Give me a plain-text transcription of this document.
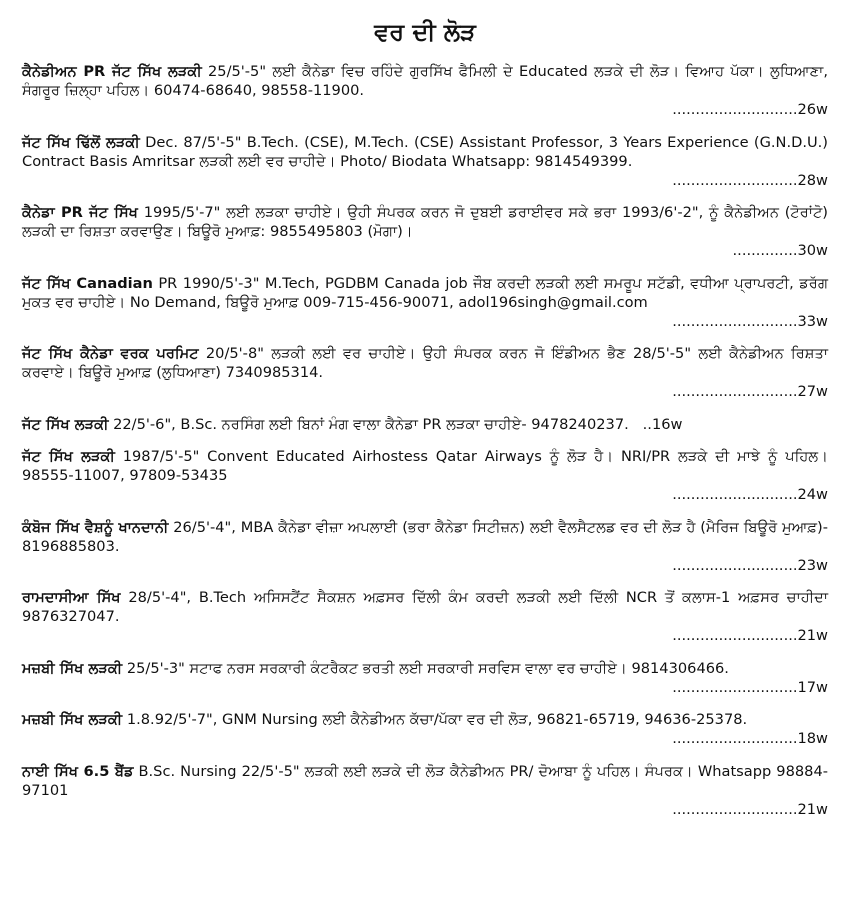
ਵਰ ਦੀ ਲੋੜ
ਕੈਨੇਡੀਅਨ PR ਜੱਟ ਸਿੱਖ ਲੜਕੀ 25/5'-5" ਲਈ ਕੈਨੇਡਾ ਵਿਚ ਰਹਿੰਦੇ ਗੁਰਸਿੱਖ ਫੈਮਿਲੀ ਦੇ Educated ਲੜਕੇ ਦੀ ਲੋੜ। ਵਿਆਹ ਪੱਕਾ। ਲੁਧਿਆਣਾ, ਸੰਗਰੂਰ ਜ਼ਿਲ੍ਹਾ ਪਹਿਲ। 60474-68640, 98558-11900.
...........................26w
ਜੱਟ ਸਿੱਖ ਢਿੱਲੋਂ ਲੜਕੀ Dec. 87/5'-5" B.Tech. (CSE), M.Tech. (CSE) Assistant Professor, 3 Years Experience (G.N.D.U.) Contract Basis Amritsar ਲੜਕੀ ਲਈ ਵਰ ਚਾਹੀਦੇ। Photo/ Biodata Whatsapp: 9814549399.
...........................28w
ਕੈਨੇਡਾ PR ਜੱਟ ਸਿੱਖ 1995/5'-7" ਲਈ ਲੜਕਾ ਚਾਹੀਏ। ਉਹੀ ਸੰਪਰਕ ਕਰਨ ਜੋ ਦੁਬਈ ਡਰਾਈਵਰ ਸਕੇ ਭਰਾ 1993/6'-2", ਨੂੰ ਕੈਨੇਡੀਅਨ (ਟੋਰਾਂਟੋ) ਲੜਕੀ ਦਾ ਰਿਸ਼ਤਾ ਕਰਵਾਉਣ। ਬਿਊਰੋ ਮੁਆਫ਼: 9855495803 (ਮੋਗਾ)।
..............30w
ਜੱਟ ਸਿੱਖ Canadian PR 1990/5'-3" M.Tech, PGDBM Canada job ਜੌਬ ਕਰਦੀ ਲੜਕੀ ਲਈ ਸਮਰੂਪ ਸਟੱਡੀ, ਵਧੀਆ ਪ੍ਰਾਪਰਟੀ, ਡਰੱਗ ਮੁਕਤ ਵਰ ਚਾਹੀਏ। No Demand, ਬਿਊਰੋ ਮੁਆਫ਼ 009-715-456-90071, adol196singh@gmail.com
...........................33w
ਜੱਟ ਸਿੱਖ ਕੈਨੇਡਾ ਵਰਕ ਪਰਮਿਟ 20/5'-8" ਲੜਕੀ ਲਈ ਵਰ ਚਾਹੀਏ। ਉਹੀ ਸੰਪਰਕ ਕਰਨ ਜੋ ਇੰਡੀਅਨ ਭੈਣ 28/5'-5" ਲਈ ਕੈਨੇਡੀਅਨ ਰਿਸ਼ਤਾ ਕਰਵਾਏ। ਬਿਊਰੋ ਮੁਆਫ਼ (ਲੁਧਿਆਣਾ) 7340985314.
...........................27w
ਜੱਟ ਸਿੱਖ ਲੜਕੀ 22/5'-6", B.Sc. ਨਰਸਿੰਗ ਲਈ ਬਿਨਾਂ ਮੰਗ ਵਾਲਾ ਕੈਨੇਡਾ PR ਲੜਕਾ ਚਾਹੀਏ- 9478240237. ..16w
ਜੱਟ ਸਿੱਖ ਲੜਕੀ 1987/5'-5" Convent Educated Airhostess Qatar Airways ਨੂੰ ਲੋੜ ਹੈ। NRI/PR ਲੜਕੇ ਦੀ ਮਾਝੇ ਨੂੰ ਪਹਿਲ। 98555-11007, 97809-53435
...........................24w
ਕੰਬੋਜ ਸਿੱਖ ਵੈਸ਼ਨੂੰ ਖਾਨਦਾਨੀ 26/5'-4", MBA ਕੈਨੇਡਾ ਵੀਜ਼ਾ ਅਪਲਾਈ (ਭਰਾ ਕੈਨੇਡਾ ਸਿਟੀਜ਼ਨ) ਲਈ ਵੈਲਸੈਟਲਡ ਵਰ ਦੀ ਲੋੜ ਹੈ (ਮੈਰਿਜ ਬਿਊਰੋ ਮੁਆਫ਼)- 8196885803.
...........................23w
ਰਾਮਦਾਸੀਆ ਸਿੱਖ 28/5'-4", B.Tech ਅਸਿਸਟੈਂਟ ਸੈਕਸ਼ਨ ਅਫ਼ਸਰ ਦਿੱਲੀ ਕੰਮ ਕਰਦੀ ਲੜਕੀ ਲਈ ਦਿੱਲੀ NCR ਤੋਂ ਕਲਾਸ-1 ਅਫ਼ਸਰ ਚਾਹੀਦਾ 9876327047.
...........................21w
ਮਜ਼ਬੀ ਸਿੱਖ ਲੜਕੀ 25/5'-3" ਸਟਾਫ ਨਰਸ ਸਰਕਾਰੀ ਕੰਟਰੈਕਟ ਭਰਤੀ ਲਈ ਸਰਕਾਰੀ ਸਰਵਿਸ ਵਾਲਾ ਵਰ ਚਾਹੀਏ। 9814306466.
...........................17w
ਮਜ਼ਬੀ ਸਿੱਖ ਲੜਕੀ 1.8.92/5'-7", GNM Nursing ਲਈ ਕੈਨੇਡੀਅਨ ਕੱਚਾ/ਪੱਕਾ ਵਰ ਦੀ ਲੋੜ, 96821-65719, 94636-25378.
...........................18w
ਨਾਈ ਸਿੱਖ 6.5 ਬੈਂਡ B.Sc. Nursing 22/5'-5" ਲੜਕੀ ਲਈ ਲੜਕੇ ਦੀ ਲੋੜ ਕੈਨੇਡੀਅਨ PR/ ਦੋਆਬਾ ਨੂੰ ਪਹਿਲ। ਸੰਪਰਕ। Whatsapp 98884-97101
...........................21w
